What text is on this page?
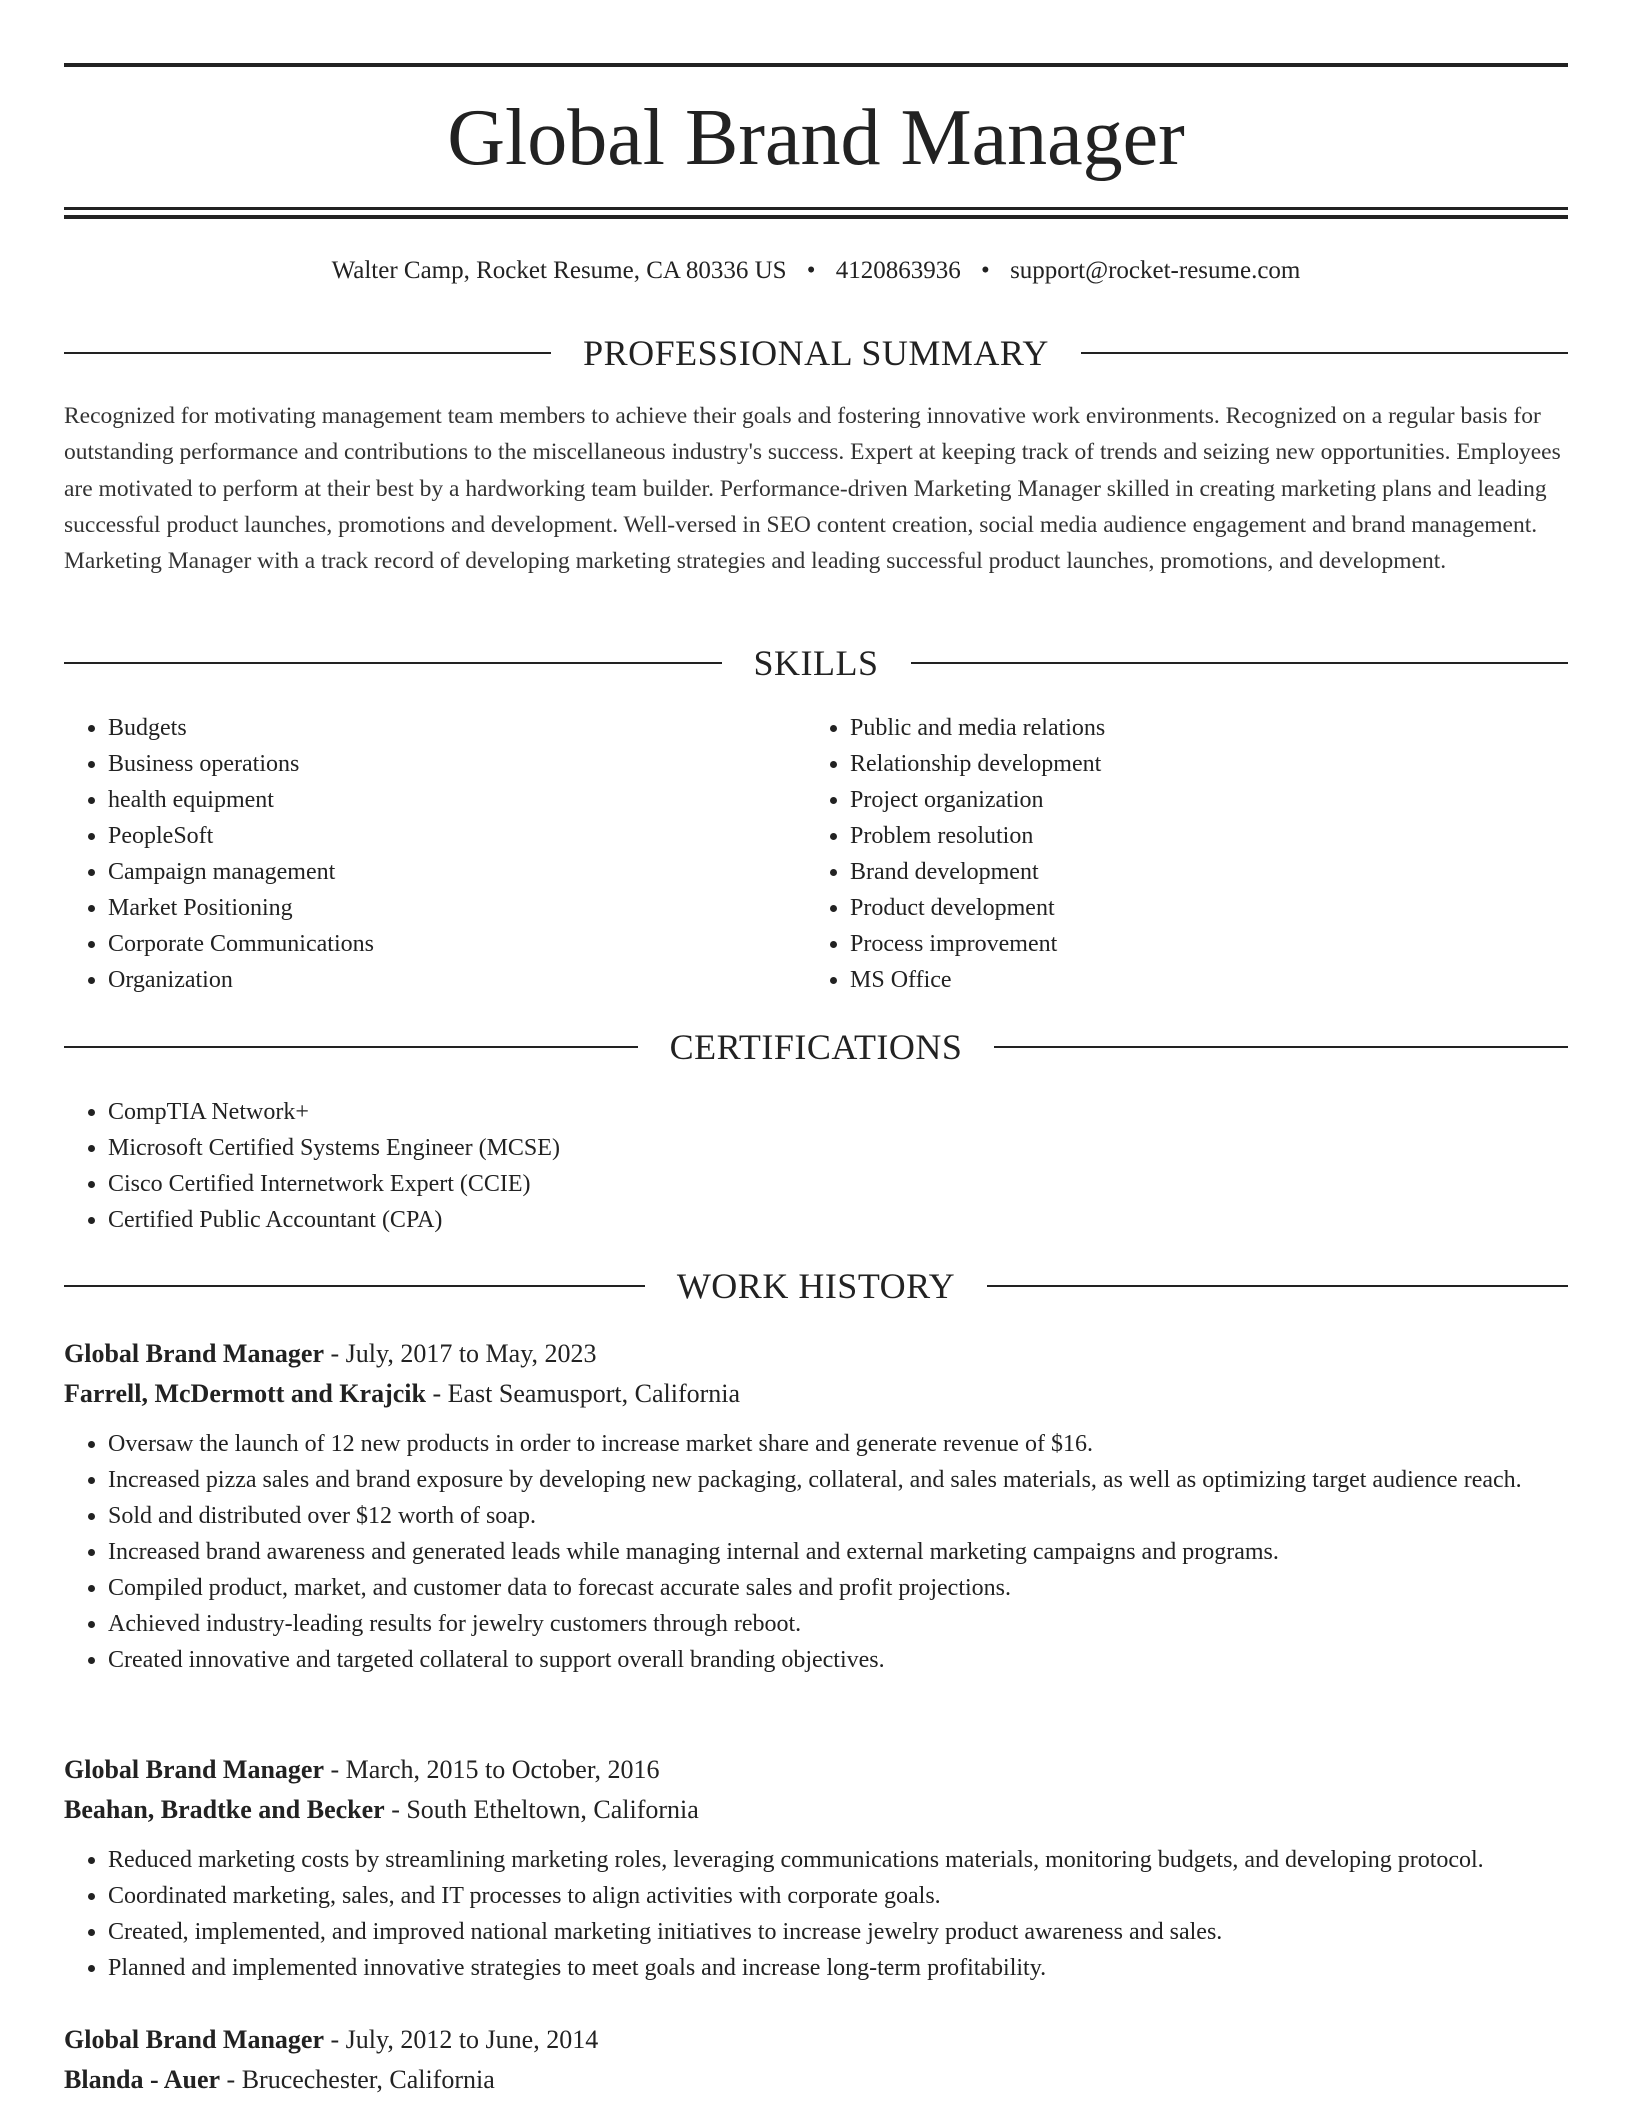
Global Brand Manager
Walter Camp, Rocket Resume, CA 80336 US • 4120863936 • support@rocket-resume.com
PROFESSIONAL SUMMARY

Recognized for motivating management team members to achieve their goals and fostering innovative work environments. Recognized on a regular basis for outstanding performance and contributions to the miscellaneous industry's success. Expert at keeping track of trends and seizing new opportunities. Employees are motivated to perform at their best by a hardworking team builder. Performance-driven Marketing Manager skilled in creating marketing plans and leading successful product launches, promotions and development. Well-versed in SEO content creation, social media audience engagement and brand management. Marketing Manager with a track record of developing marketing strategies and leading successful product launches, promotions, and development.

SKILLS
• Budgets
• Business operations
• health equipment
• PeopleSoft
• Campaign management
• Market Positioning
• Corporate Communications
• Organization
• Public and media relations
• Relationship development
• Project organization
• Problem resolution
• Brand development
• Product development
• Process improvement
• MS Office
CERTIFICATIONS
• CompTIA Network+
• Microsoft Certified Systems Engineer (MCSE)
• Cisco Certified Internetwork Expert (CCIE)
• Certified Public Accountant (CPA)
WORK HISTORY
Global Brand Manager - July, 2017 to May, 2023
Farrell, McDermott and Krajcik - East Seamusport, California
• Oversaw the launch of 12 new products in order to increase market share and generate revenue of $16.
• Increased pizza sales and brand exposure by developing new packaging, collateral, and sales materials, as well as optimizing target audience reach.
• Sold and distributed over $12 worth of soap.
• Increased brand awareness and generated leads while managing internal and external marketing campaigns and programs.
• Compiled product, market, and customer data to forecast accurate sales and profit projections.
• Achieved industry-leading results for jewelry customers through reboot.
• Created innovative and targeted collateral to support overall branding objectives.
Global Brand Manager - March, 2015 to October, 2016
Beahan, Bradtke and Becker - South Etheltown, California
• Reduced marketing costs by streamlining marketing roles, leveraging communications materials, monitoring budgets, and developing protocol.
• Coordinated marketing, sales, and IT processes to align activities with corporate goals.
• Created, implemented, and improved national marketing initiatives to increase jewelry product awareness and sales.
• Planned and implemented innovative strategies to meet goals and increase long-term profitability.
Global Brand Manager - July, 2012 to June, 2014
Blanda - Auer - Brucechester, California
